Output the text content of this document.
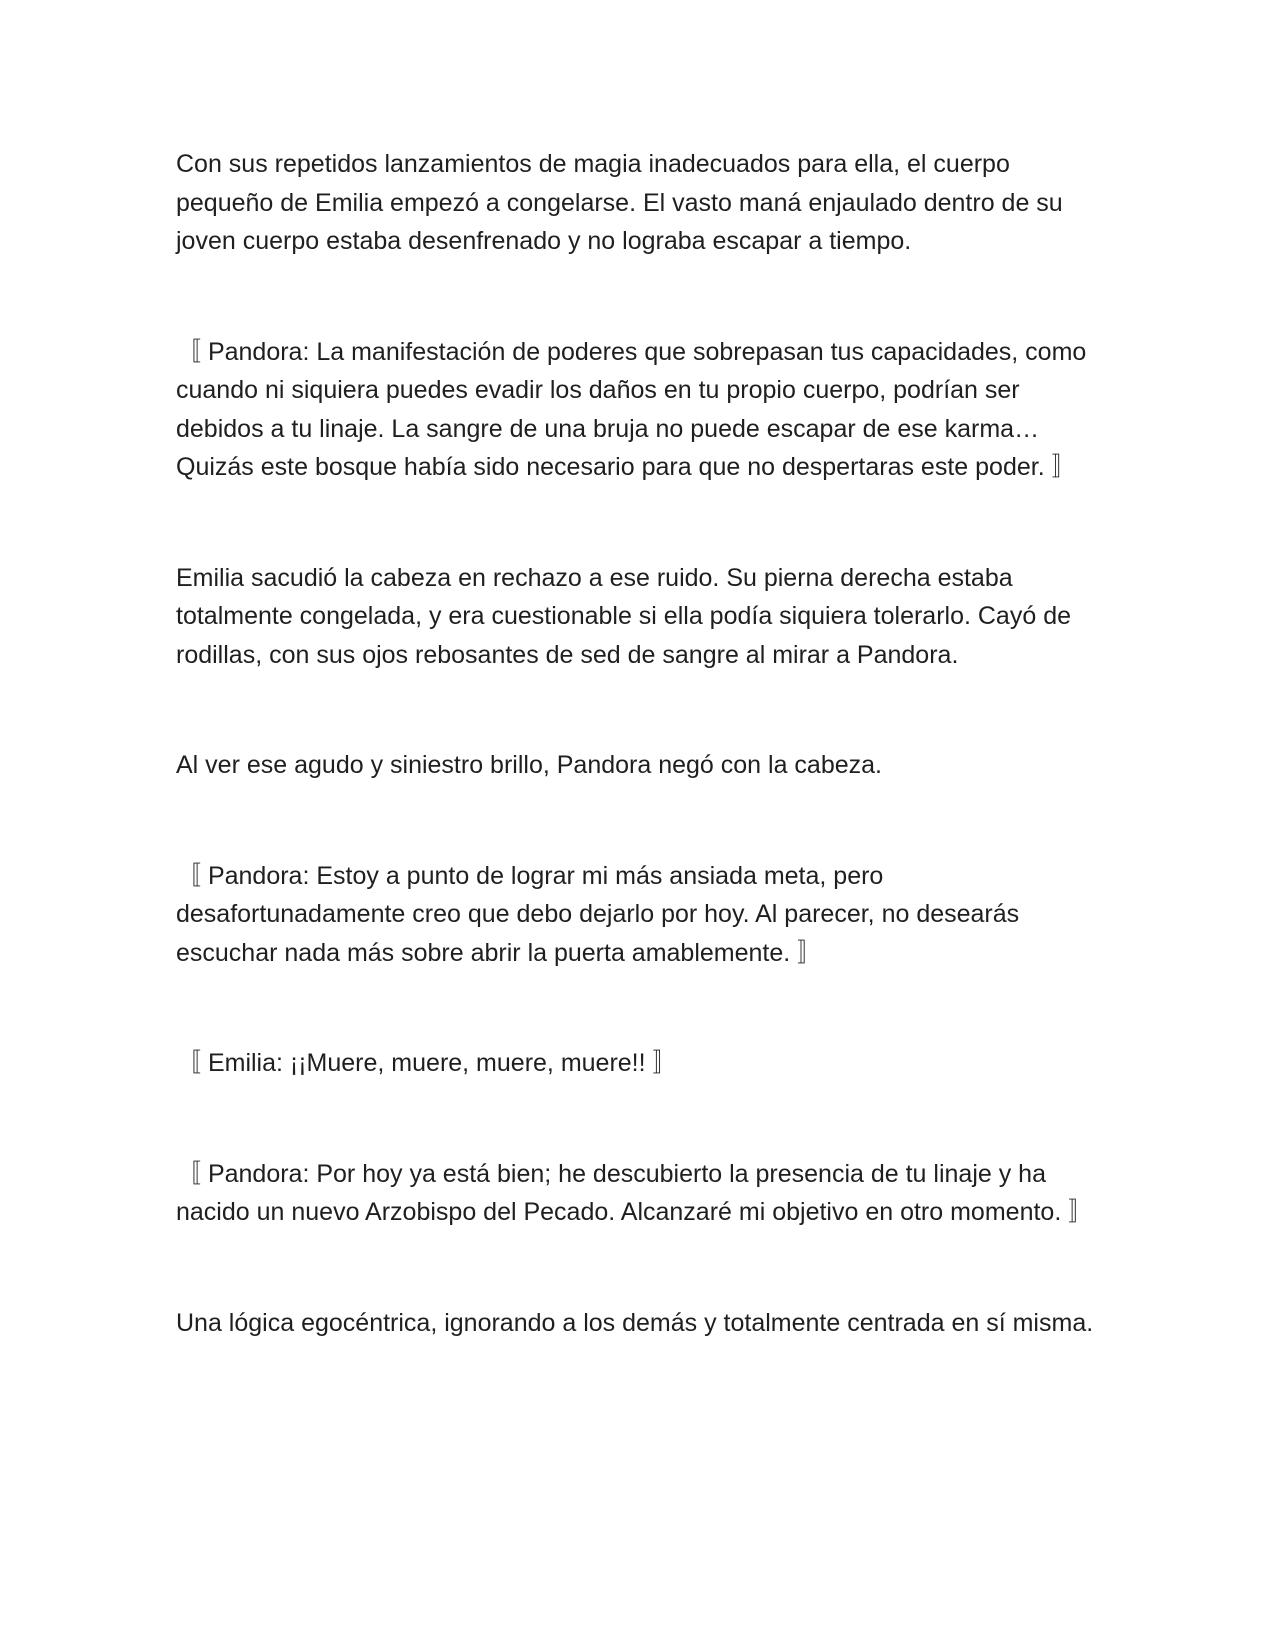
Con sus repetidos lanzamientos de magia inadecuados para ella, el cuerpo pequeño de Emilia empezó a congelarse. El vasto maná enjaulado dentro de su joven cuerpo estaba desenfrenado y no lograba escapar a tiempo.

〚 Pandora: La manifestación de poderes que sobrepasan tus capacidades, como cuando ni siquiera puedes evadir los daños en tu propio cuerpo, podrían ser debidos a tu linaje. La sangre de una bruja no puede escapar de ese karma… Quizás este bosque había sido necesario para que no despertaras este poder. 〛

Emilia sacudió la cabeza en rechazo a ese ruido. Su pierna derecha estaba totalmente congelada, y era cuestionable si ella podía siquiera tolerarlo. Cayó de rodillas, con sus ojos rebosantes de sed de sangre al mirar a Pandora.

Al ver ese agudo y siniestro brillo, Pandora negó con la cabeza.

〚 Pandora: Estoy a punto de lograr mi más ansiada meta, pero desafortunadamente creo que debo dejarlo por hoy. Al parecer, no desearás escuchar nada más sobre abrir la puerta amablemente. 〛

〚 Emilia: ¡¡Muere, muere, muere, muere!! 〛

〚 Pandora: Por hoy ya está bien; he descubierto la presencia de tu linaje y ha nacido un nuevo Arzobispo del Pecado. Alcanzaré mi objetivo en otro momento. 〛

Una lógica egocéntrica, ignorando a los demás y totalmente centrada en sí misma.
